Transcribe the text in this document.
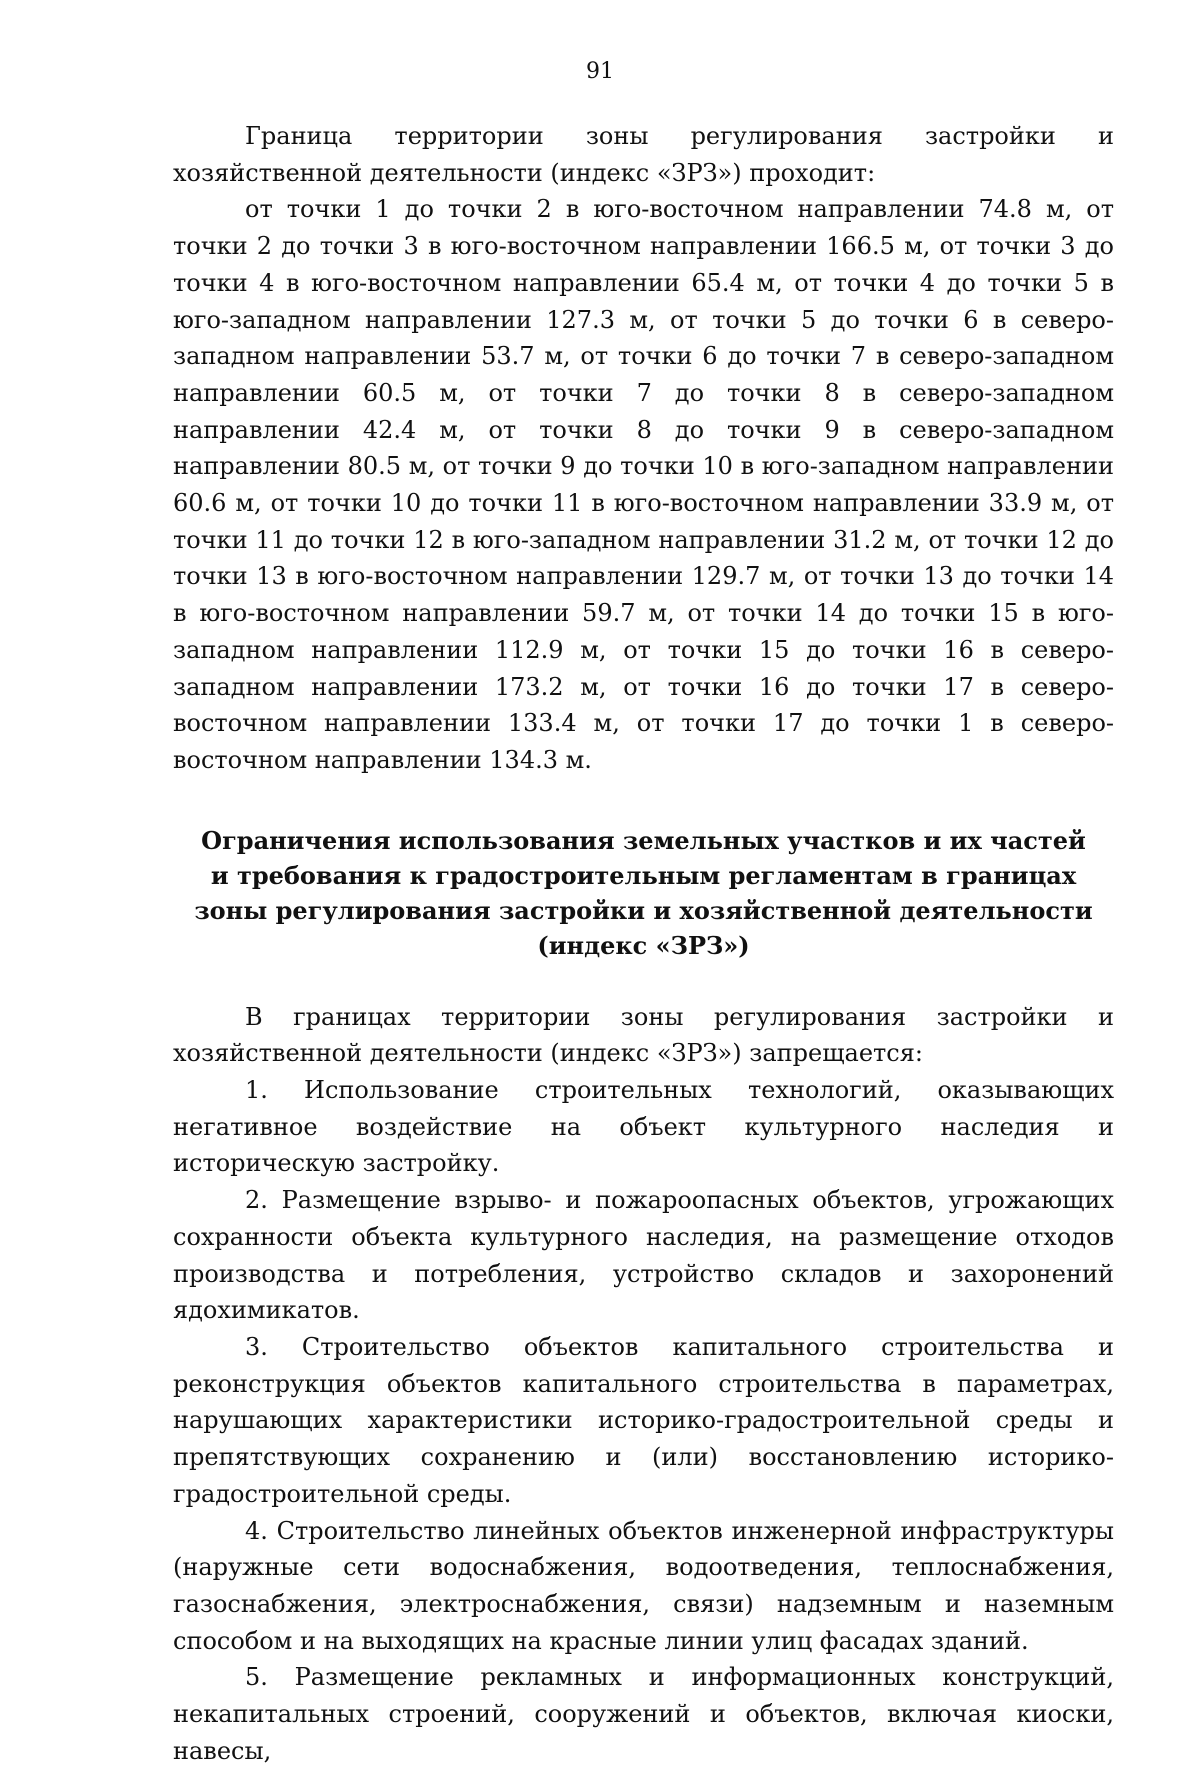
91

Граница территории зоны регулирования застройки и хозяйственной деятельности (индекс «ЗРЗ») проходит:

от точки 1 до точки 2 в юго-восточном направлении 74.8 м, от точки 2 до точки 3 в юго-восточном направлении 166.5 м, от точки 3 до точки 4 в юго-восточном направлении 65.4 м, от точки 4 до точки 5 в юго-западном направлении 127.3 м, от точки 5 до точки 6 в северо-западном направлении 53.7 м, от точки 6 до точки 7 в северо-западном направлении 60.5 м, от точки 7 до точки 8 в северо-западном направлении 42.4 м, от точки 8 до точки 9 в северо-западном направлении 80.5 м, от точки 9 до точки 10 в юго-западном направлении 60.6 м, от точки 10 до точки 11 в юго-восточном направлении 33.9 м, от точки 11 до точки 12 в юго-западном направлении 31.2 м, от точки 12 до точки 13 в юго-восточном направлении 129.7 м, от точки 13 до точки 14 в юго-восточном направлении 59.7 м, от точки 14 до точки 15 в юго-западном направлении 112.9 м, от точки 15 до точки 16 в северо-западном направлении 173.2 м, от точки 16 до точки 17 в северо-восточном направлении 133.4 м, от точки 17 до точки 1 в северо-восточном направлении 134.3 м.

Ограничения использования земельных участков и их частей
и требования к градостроительным регламентам в границах
зоны регулирования застройки и хозяйственной деятельности
(индекс «ЗРЗ»)

В границах территории зоны регулирования застройки и хозяйственной деятельности (индекс «ЗРЗ») запрещается:

1. Использование строительных технологий, оказывающих негативное воздействие на объект культурного наследия и историческую застройку.

2. Размещение взрыво- и пожароопасных объектов, угрожающих сохранности объекта культурного наследия, на размещение отходов производства и потребления, устройство складов и захоронений ядохимикатов.

3. Строительство объектов капитального строительства и реконструкция объектов капитального строительства в параметрах, нарушающих характеристики историко-градостроительной среды и препятствующих сохранению и (или) восстановлению историко-градостроительной среды.

4. Строительство линейных объектов инженерной инфраструктуры (наружные сети водоснабжения, водоотведения, теплоснабжения, газоснабжения, электроснабжения, связи) надземным и наземным способом и на выходящих на красные линии улиц фасадах зданий.

5. Размещение рекламных и информационных конструкций, некапитальных строений, сооружений и объектов, включая киоски, навесы,
